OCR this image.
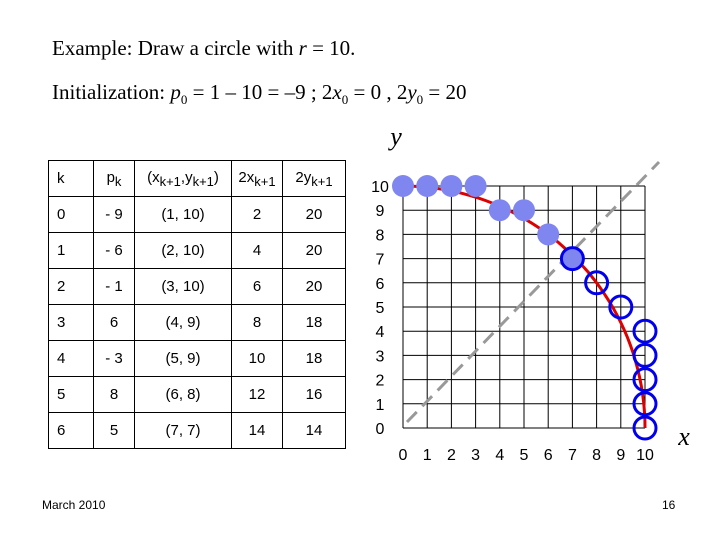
Example: Draw a circle with r = 10.
Initialization: $p_0 = 1 - 10 = -9$ ; $2x_0 = 0$ , $2y_0 = 20$
k	$p_k$	$(x_{k+1},y_{k+1})$	$2x_{k+1}$	$2y_{k+1}$
0	- 9	(1, 10)	2	20
1	- 6	(2, 10)	4	20
2	- 1	(3, 10)	6	20
3	6	(4, 9)	8	18
4	- 3	(5, 9)	10	18
5	8	(6, 8)	12	16
6	5	(7, 7)	14	14
10
9
8
7
6
5
4
3
2
1
0
0 1 2 3 4 5 6 7 8 9 10
y
x
March 2010	16
